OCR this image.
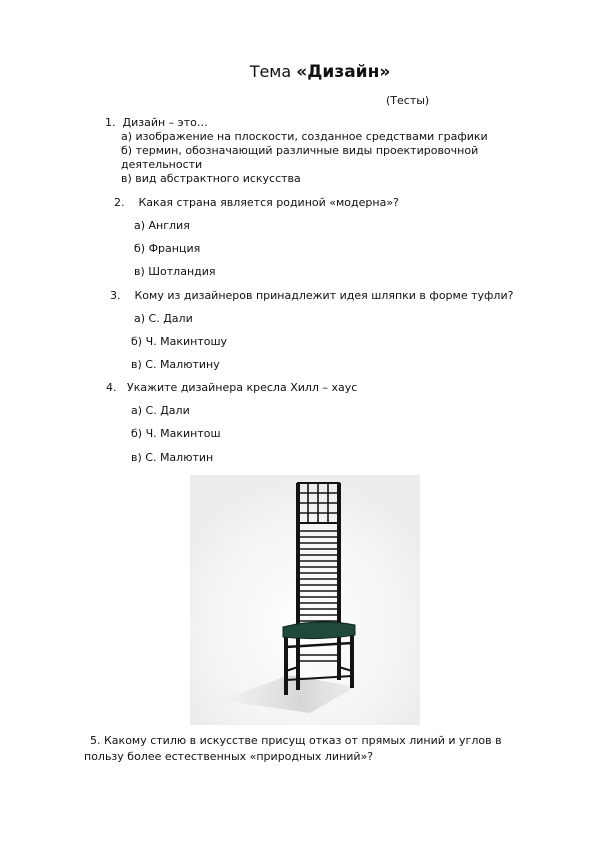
Тема «Дизайн»
(Тесты)
1. Дизайн – это…
а) изображение на плоскости, созданное средствами графики
б) термин, обозначающий различные виды проектировочной
деятельности
в) вид абстрактного искусства
2. Какая страна является родиной «модерна»?
а) Англия
б) Франция
в) Шотландия
3. Кому из дизайнеров принадлежит идея шляпки в форме туфли?
а) С. Дали
б) Ч. Макинтошу
в) С. Малютину
4. Укажите дизайнера кресла Хилл – хаус
а) С. Дали
б) Ч. Макинтош
в) С. Малютин
5. Какому стилю в искусстве присущ отказ от прямых линий и углов в
пользу более естественных «природных линий»?
